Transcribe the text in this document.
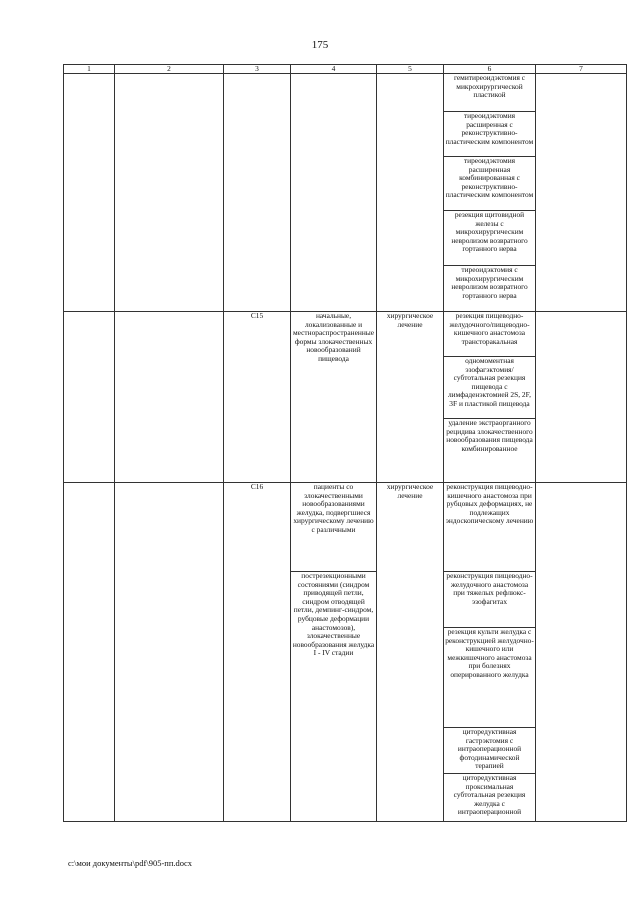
175
1	2	3	4	5	6	7
					гемитиреоидэктомия с микрохирургической пластикой	
					тиреоидэктомия расширенная с реконструктивно-пластическим компонентом	
					тиреоидэктомия расширенная комбинированная с реконструктивно-пластическим компонентом	
					резекция щитовидной железы с микрохирургическим невролизом возвратного гортанного нерва	
					тиреоидэктомия с микрохирургическим невролизом возвратного гортанного нерва	
		C15	начальные, локализованные и местнораспространенные формы злокачественных новообразований пищевода	хирургическое лечение	резекция пищеводно-желудочного/пищеводно-кишечного анастомоза трансторакальная	
					одномоментная эзофагэктомия/ субтотальная резекция пищевода с лимфаденэктомией 2S, 2F, 3F и пластикой пищевода	
					удаление экстраорганного рецидива злокачественного новообразования пищевода комбинированное	
		C16	пациенты со злокачественными новообразованиями желудка, подвергшиеся хирургическому лечению с различными	хирургическое лечение	реконструкция пищеводно-кишечного анастомоза при рубцовых деформациях, не подлежащих эндоскопическому лечению	
			пострезекционными состояниями (синдром приводящей петли, синдром отводящей петли, демпинг-синдром, рубцовые деформации анастомозов), злокачественные новообразования желудка I - IV стадии		реконструкция пищеводно-желудочного анастомоза при тяжелых рефлюкс-эзофагитах	
					резекция культи желудка с реконструкцией желудочно-кишечного или межкишечного анастомоза при болезнях оперированного желудка	
					циторедуктивная гастрэктомия с интраоперационной фотодинамической терапией	
					циторедуктивная проксимальная субтотальная резекция желудка с интраоперационной	
c:\мои документы\pdf\905-пп.docx
